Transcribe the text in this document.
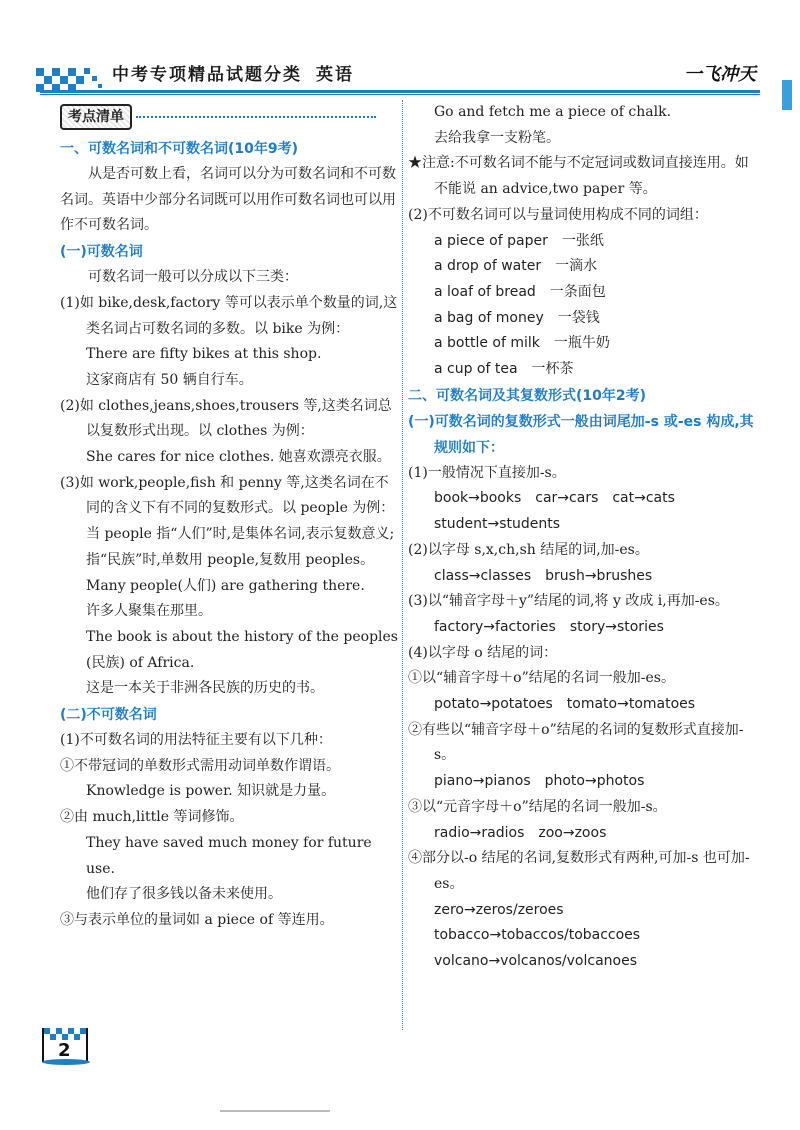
中考专项精品试题分类 英语	一飞冲天
考点清单

一、可数名词和不可数名词(10年9考)

从是否可数上看，名词可以分为可数名词和不可数名词。英语中少部分名词既可以用作可数名词也可以用作不可数名词。

(一)可数名词

可数名词一般可以分成以下三类：

(1)如 bike,desk,factory 等可以表示单个数量的词,这类名词占可数名词的多数。以 bike 为例：

There are fifty bikes at this shop.

这家商店有 50 辆自行车。

(2)如 clothes,jeans,shoes,trousers 等,这类名词总以复数形式出现。以 clothes 为例：

She cares for nice clothes. 她喜欢漂亮衣服。

(3)如 work,people,fish 和 penny 等,这类名词在不同的含义下有不同的复数形式。以 people 为例：

当 people 指“人们”时,是集体名词,表示复数意义;指“民族”时,单数用 people,复数用 peoples。

Many people(人们) are gathering there.

许多人聚集在那里。

The book is about the history of the peoples (民族) of Africa.

这是一本关于非洲各民族的历史的书。

(二)不可数名词

(1)不可数名词的用法特征主要有以下几种：

①不带冠词的单数形式需用动词单数作谓语。

Knowledge is power. 知识就是力量。

②由 much,little 等词修饰。

They have saved much money for future use.

他们存了很多钱以备未来使用。

③与表示单位的量词如 a piece of 等连用。

Go and fetch me a piece of chalk.

去给我拿一支粉笔。

★注意:不可数名词不能与不定冠词或数词直接连用。如不能说 an advice,two paper 等。

(2)不可数名词可以与量词使用构成不同的词组：

a piece of paper　一张纸

a drop of water　一滴水

a loaf of bread　一条面包

a bag of money　一袋钱

a bottle of milk　一瓶牛奶

a cup of tea　一杯茶

二、可数名词及其复数形式(10年2考)

(一)可数名词的复数形式一般由词尾加-s 或-es 构成,其规则如下：

(1)一般情况下直接加-s。

book→books　car→cars　cat→cats

student→students

(2)以字母 s,x,ch,sh 结尾的词,加-es。

class→classes　brush→brushes

(3)以“辅音字母＋y”结尾的词,将 y 改成 i,再加-es。

factory→factories　story→stories

(4)以字母 o 结尾的词：

①以“辅音字母＋o”结尾的名词一般加-es。

potato→potatoes　tomato→tomatoes

②有些以“辅音字母＋o”结尾的名词的复数形式直接加-s。

piano→pianos　photo→photos

③以“元音字母＋o”结尾的名词一般加-s。

radio→radios　zoo→zoos

④部分以-o 结尾的名词,复数形式有两种,可加-s 也可加-es。

zero→zeros/zeroes

tobacco→tobaccos/tobaccoes

volcano→volcanos/volcanoes

2
